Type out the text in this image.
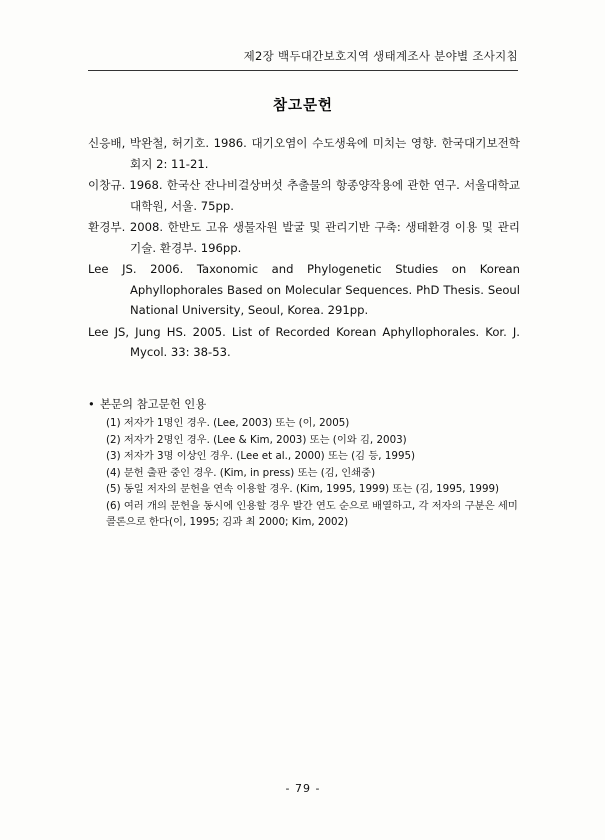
제2장 백두대간보호지역 생태계조사 분야별 조사지침
참고문헌
신응배, 박완철, 허기호. 1986. 대기오염이 수도생육에 미치는 영향. 한국대기보전학회지 2: 11-21.
이창규. 1968. 한국산 잔나비걸상버섯 추출물의 항종양작용에 관한 연구. 서울대학교 대학원, 서울. 75pp.
환경부. 2008. 한반도 고유 생물자원 발굴 및 관리기반 구축: 생태환경 이용 및 관리기술. 환경부. 196pp.
Lee JS. 2006. Taxonomic and Phylogenetic Studies on Korean Aphyllophorales Based on Molecular Sequences. PhD Thesis. Seoul National University, Seoul, Korea. 291pp.
Lee JS, Jung HS. 2005. List of Recorded Korean Aphyllophorales. Kor. J. Mycol. 33: 38-53.
• 본문의 참고문헌 인용
(1) 저자가 1명인 경우. (Lee, 2003) 또는 (이, 2005)
(2) 저자가 2명인 경우. (Lee & Kim, 2003) 또는 (이와 김, 2003)
(3) 저자가 3명 이상인 경우. (Lee et al., 2000) 또는 (김 등, 1995)
(4) 문헌 출판 중인 경우. (Kim, in press) 또는 (김, 인쇄중)
(5) 동일 저자의 문헌을 연속 이용할 경우. (Kim, 1995, 1999) 또는 (김, 1995, 1999)
(6) 여러 개의 문헌을 동시에 인용할 경우 발간 연도 순으로 배열하고, 각 저자의 구분은 세미 콜론으로 한다(이, 1995; 김과 최 2000; Kim, 2002)
- 79 -
